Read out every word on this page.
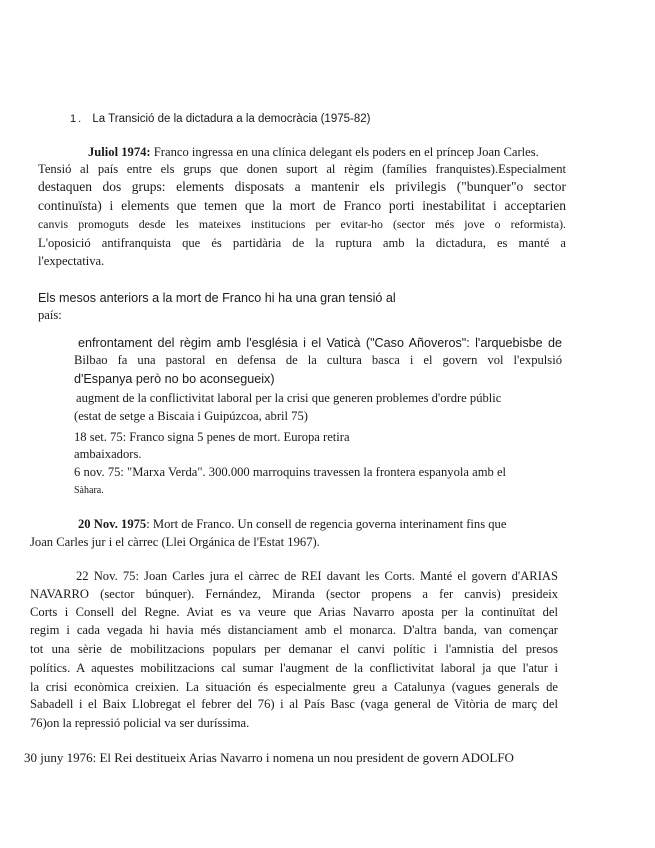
1. La Transició de la dictadura a la democràcia (1975-82)
Juliol 1974: Franco ingressa en una clínica delegant els poders en el príncep Joan Carles.
Tensió al país entre els grups que donen suport al règim (famílies franquistes).Especialment
destaquen dos grups: elements disposats a mantenir els privilegis ("bunquer"o sector
continuïsta) i elements que temen que la mort de Franco porti inestabilitat i acceptarien
canvis promoguts desde les mateixes institucions per evitar-ho (sector més jove o reformista).
L'oposició antifranquista que és partidària de la ruptura amb la dictadura, es manté a
l'expectativa.
Els mesos anteriors a la mort de Franco hi ha una gran tensió al
país:
enfrontament del règim amb l'església i el Vaticà ("Caso Añoveros": l'arquebisbe de
Bilbao fa una pastoral en defensa de la cultura basca i el govern vol l'expulsió
d'Espanya però no bo aconsegueix)
augment de la conflictivitat laboral per la crisi que generen problemes d'ordre públic
(estat de setge a Biscaia i Guipúzcoa, abril 75)
18 set. 75: Franco signa 5 penes de mort. Europa retira
ambaixadors.
6 nov. 75: "Marxa Verda". 300.000 marroquins travessen la frontera espanyola amb el
Sàhara.
20 Nov. 1975: Mort de Franco. Un consell de regencia governa interinament fins que
Joan Carles jur i el càrrec (Llei Orgánica de l'Estat 1967).
22 Nov. 75: Joan Carles jura el càrrec de REI davant les Corts. Manté el govern d'ARIAS
NAVARRO (sector búnquer). Fernández, Miranda (sector propens a fer canvis) presideix
Corts i Consell del Regne. Aviat es va veure que Arias Navarro aposta per la continuïtat del
regim i cada vegada hi havia més distanciament amb el monarca. D'altra banda, van començar
tot una sèrie de mobilitzacions populars per demanar el canvi polític i l'amnistia del presos
polítics. A aquestes mobilitzacions cal sumar l'augment de la conflictivitat laboral ja que l'atur i
la crisi econòmica creixien. La situación és especialmente greu a Catalunya (vagues generals de
Sabadell i el Baix Llobregat el febrer del 76) i al País Basc (vaga general de Vitòria de març del
76)on la repressió policial va ser duríssima.
30 juny 1976: El Rei destitueix Arias Navarro i nomena un nou president de govern ADOLFO
